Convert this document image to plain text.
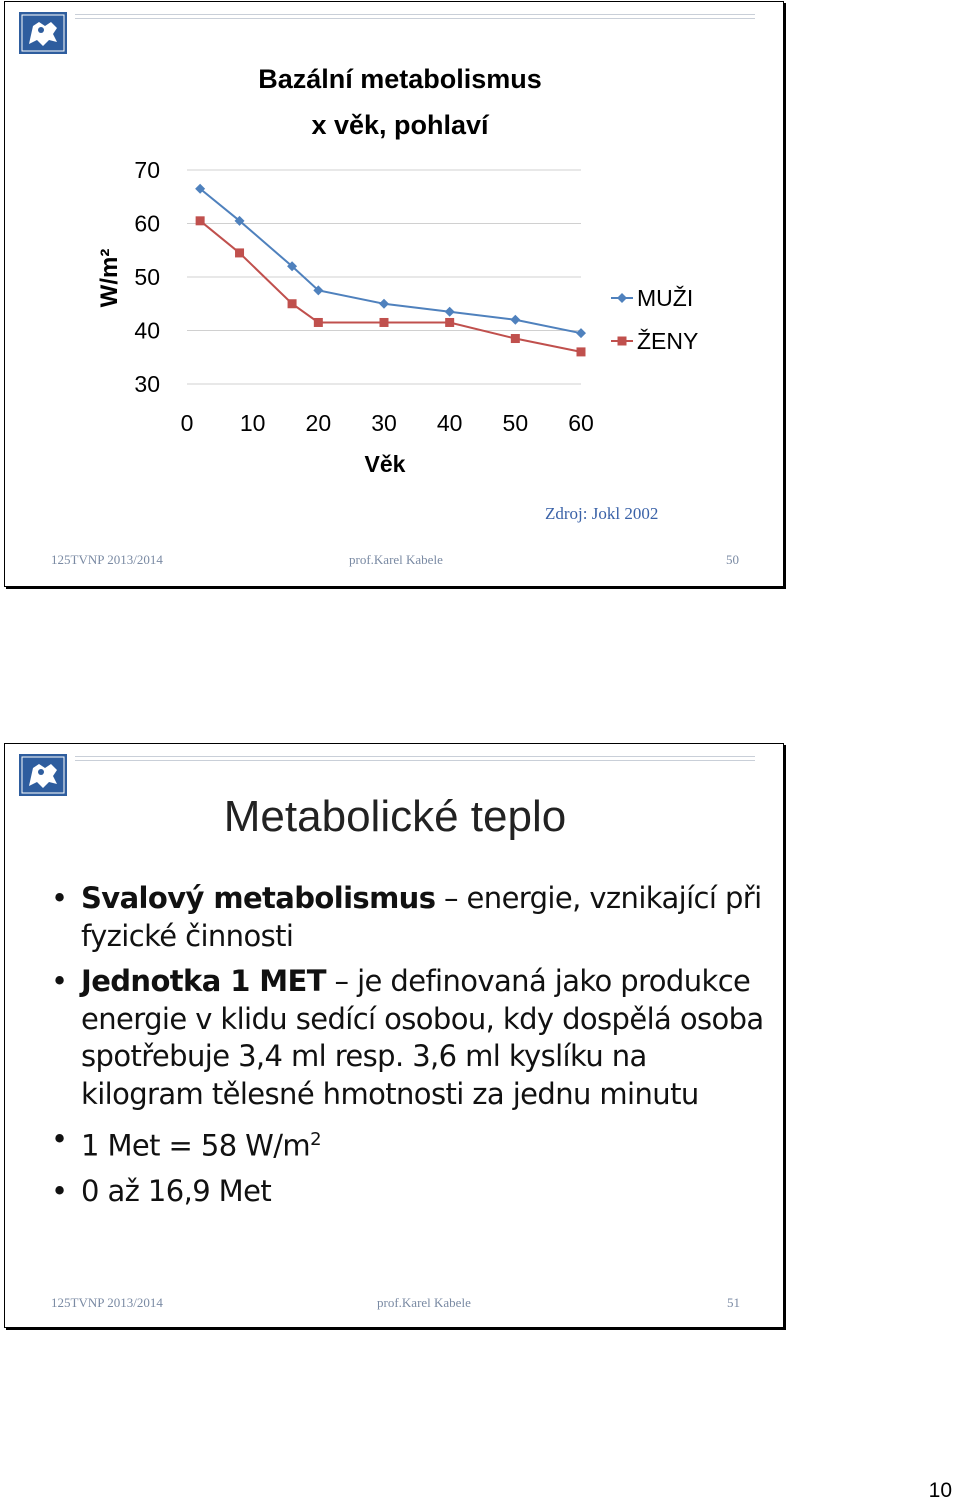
Bazální metabolismus
x věk, pohlaví
30
40
50
60
70
0 10 20 30 40 50 60
Věk
W/m²	MUŽI
ŽENY
Zdroj: Jokl 2002
125TVNP 2013/2014	prof.Karel Kabele	50
Metabolické teplo
• Svalový metabolismus – energie, vznikající při fyzické činnosti
• Jednotka 1 MET – je definovaná jako produkce energie v klidu sedící osobou, kdy dospělá osoba spotřebuje 3,4 ml resp. 3,6 ml kyslíku na kilogram tělesné hmotnosti za jednu minutu
• 1 Met = 58 $W/m^2$
• 0 až 16,9 Met
125TVNP 2013/2014	prof.Karel Kabele	51
10
